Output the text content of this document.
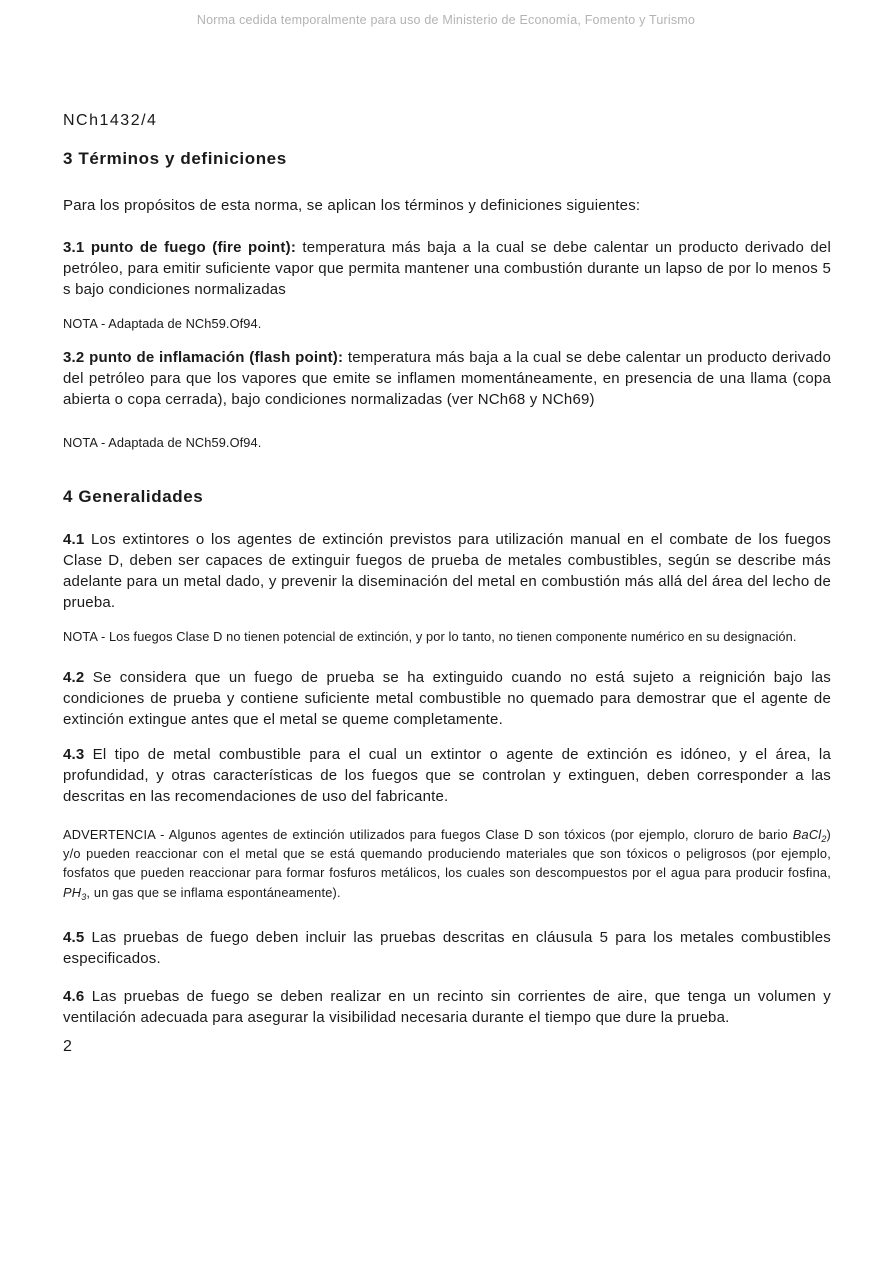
Norma cedida temporalmente para uso de Ministerio de Economía, Fomento y Turismo
NCh1432/4
3 Términos y definiciones

Para los propósitos de esta norma, se aplican los términos y definiciones siguientes:

3.1 punto de fuego (fire point): temperatura más baja a la cual se debe calentar un producto derivado del petróleo, para emitir suficiente vapor que permita mantener una combustión durante un lapso de por lo menos 5 s bajo condiciones normalizadas

NOTA - Adaptada de NCh59.Of94.

3.2 punto de inflamación (flash point): temperatura más baja a la cual se debe calentar un producto derivado del petróleo para que los vapores que emite se inflamen momentáneamente, en presencia de una llama (copa abierta o copa cerrada), bajo condiciones normalizadas (ver NCh68 y NCh69)

NOTA - Adaptada de NCh59.Of94.

4 Generalidades

4.1 Los extintores o los agentes de extinción previstos para utilización manual en el combate de los fuegos Clase D, deben ser capaces de extinguir fuegos de prueba de metales combustibles, según se describe más adelante para un metal dado, y prevenir la diseminación del metal en combustión más allá del área del lecho de prueba.

NOTA - Los fuegos Clase D no tienen potencial de extinción, y por lo tanto, no tienen componente numérico en su designación.

4.2 Se considera que un fuego de prueba se ha extinguido cuando no está sujeto a reignición bajo las condiciones de prueba y contiene suficiente metal combustible no quemado para demostrar que el agente de extinción extingue antes que el metal se queme completamente.

4.3 El tipo de metal combustible para el cual un extintor o agente de extinción es idóneo, y el área, la profundidad, y otras características de los fuegos que se controlan y extinguen, deben corresponder a las descritas en las recomendaciones de uso del fabricante.

ADVERTENCIA - Algunos agentes de extinción utilizados para fuegos Clase D son tóxicos (por ejemplo, cloruro de bario BaCl$_2$) y/o pueden reaccionar con el metal que se está quemando produciendo materiales que son tóxicos o peligrosos (por ejemplo, fosfatos que pueden reaccionar para formar fosfuros metálicos, los cuales son descompuestos por el agua para producir fosfina, $PH_3$, un gas que se inflama espontáneamente).

4.5 Las pruebas de fuego deben incluir las pruebas descritas en cláusula 5 para los metales combustibles especificados.

4.6 Las pruebas de fuego se deben realizar en un recinto sin corrientes de aire, que tenga un volumen y ventilación adecuada para asegurar la visibilidad necesaria durante el tiempo que dure la prueba.

2
